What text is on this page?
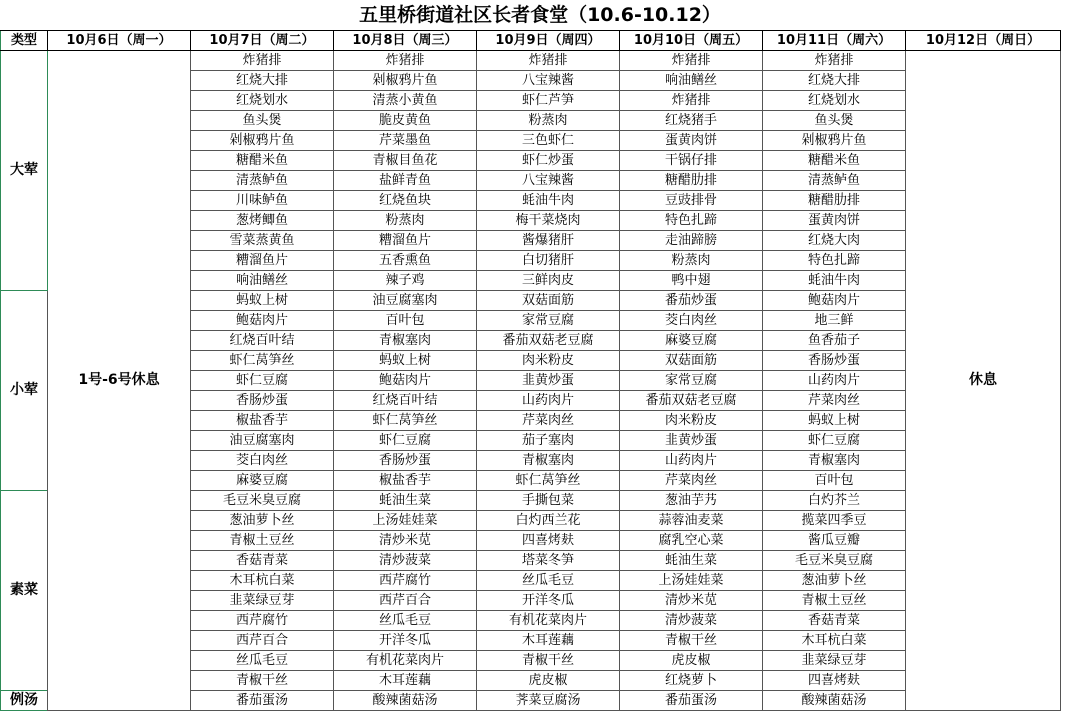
五里桥街道社区长者食堂（10.6-10.12）
类型	10月6日（周一）	10月7日（周二）	10月8日（周三）	10月9日（周四）	10月10日（周五）	10月11日（周六）	10月12日（周日）
大荤	1号-6号休息	炸猪排	炸猪排	炸猪排	炸猪排	炸猪排	休息
		红烧大排	剁椒鸦片鱼	八宝辣酱	响油鳝丝	红烧大排	
		红烧划水	清蒸小黄鱼	虾仁芦笋	炸猪排	红烧划水	
		鱼头煲	脆皮黄鱼	粉蒸肉	红烧猪手	鱼头煲	
		剁椒鸦片鱼	芹菜墨鱼	三色虾仁	蛋黄肉饼	剁椒鸦片鱼	
		糖醋米鱼	青椒目鱼花	虾仁炒蛋	干锅仔排	糖醋米鱼	
		清蒸鲈鱼	盐鲜青鱼	八宝辣酱	糖醋肋排	清蒸鲈鱼	
		川味鲈鱼	红烧鱼块	蚝油牛肉	豆豉排骨	糖醋肋排	
		葱烤鲫鱼	粉蒸肉	梅干菜烧肉	特色扎蹄	蛋黄肉饼	
		雪菜蒸黄鱼	糟溜鱼片	酱爆猪肝	走油蹄膀	红烧大肉	
		糟溜鱼片	五香熏鱼	白切猪肝	粉蒸肉	特色扎蹄	
		响油鳝丝	辣子鸡	三鲜肉皮	鸭中翅	蚝油牛肉	
小荤		蚂蚁上树	油豆腐塞肉	双菇面筋	番茄炒蛋	鲍菇肉片	
		鲍菇肉片	百叶包	家常豆腐	茭白肉丝	地三鲜	
		红烧百叶结	青椒塞肉	番茄双菇老豆腐	麻婆豆腐	鱼香茄子	
		虾仁莴笋丝	蚂蚁上树	肉米粉皮	双菇面筋	香肠炒蛋	
		虾仁豆腐	鲍菇肉片	韭黄炒蛋	家常豆腐	山药肉片	
		香肠炒蛋	红烧百叶结	山药肉片	番茄双菇老豆腐	芹菜肉丝	
		椒盐香芋	虾仁莴笋丝	芹菜肉丝	肉米粉皮	蚂蚁上树	
		油豆腐塞肉	虾仁豆腐	茄子塞肉	韭黄炒蛋	虾仁豆腐	
		茭白肉丝	香肠炒蛋	青椒塞肉	山药肉片	青椒塞肉	
		麻婆豆腐	椒盐香芋	虾仁莴笋丝	芹菜肉丝	百叶包	
素菜		毛豆米臭豆腐	蚝油生菜	手撕包菜	葱油芋艿	白灼芥兰	
		葱油萝卜丝	上汤娃娃菜	白灼西兰花	蒜蓉油麦菜	揽菜四季豆	
		青椒土豆丝	清炒米苋	四喜烤麸	腐乳空心菜	酱瓜豆瓣	
		香菇青菜	清炒菠菜	塔菜冬笋	蚝油生菜	毛豆米臭豆腐	
		木耳杭白菜	西芹腐竹	丝瓜毛豆	上汤娃娃菜	葱油萝卜丝	
		韭菜绿豆芽	西芹百合	开洋冬瓜	清炒米苋	青椒土豆丝	
		西芹腐竹	丝瓜毛豆	有机花菜肉片	清炒菠菜	香菇青菜	
		西芹百合	开洋冬瓜	木耳莲藕	青椒干丝	木耳杭白菜	
		丝瓜毛豆	有机花菜肉片	青椒干丝	虎皮椒	韭菜绿豆芽	
		青椒干丝	木耳莲藕	虎皮椒	红烧萝卜	四喜烤麸	
例汤		番茄蛋汤	酸辣菌菇汤	荠菜豆腐汤	番茄蛋汤	酸辣菌菇汤	
